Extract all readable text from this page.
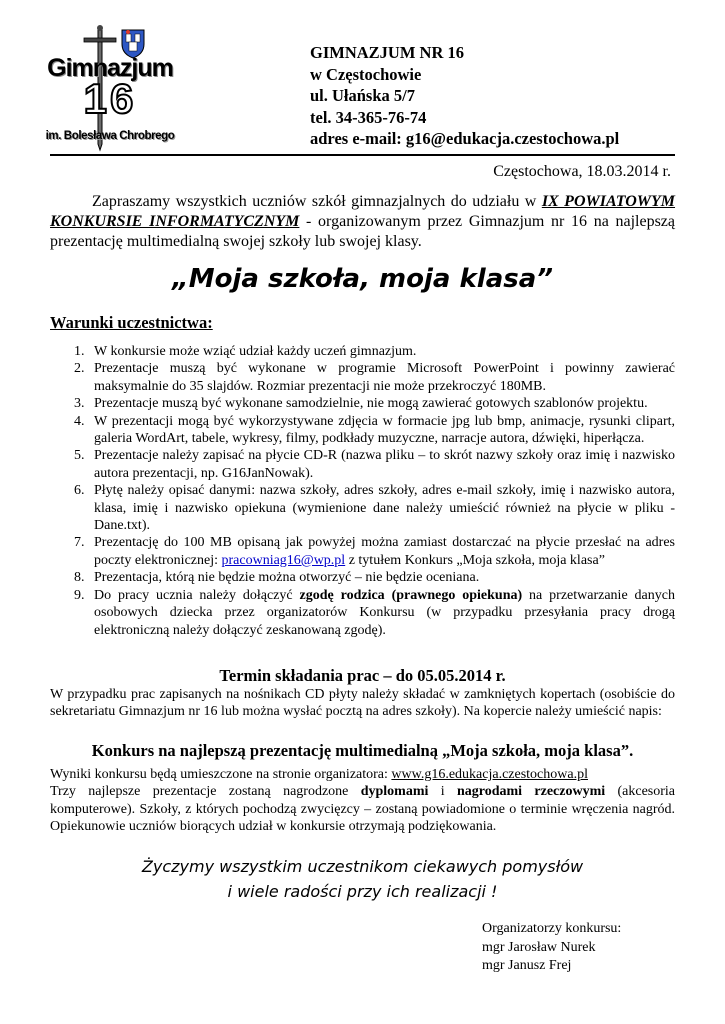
Gimnazjum
16
im. Bolesława Chrobrego
GIMNAZJUM NR 16
w Częstochowie
ul. Ułańska 5/7
tel. 34-365-76-74
adres e-mail: g16@edukacja.czestochowa.pl
Częstochowa, 18.03.2014 r.
Zapraszamy wszystkich uczniów szkół gimnazjalnych do udziału w IX POWIATOWYM KONKURSIE INFORMATYCZNYM - organizowanym przez Gimnazjum nr 16 na najlepszą prezentację multimedialną swojej szkoły lub swojej klasy.
„Moja szkoła, moja klasa”
Warunki uczestnictwa:
1. W konkursie może wziąć udział każdy uczeń gimnazjum.
2. Prezentacje muszą być wykonane w programie Microsoft PowerPoint i powinny zawierać maksymalnie do 35 slajdów. Rozmiar prezentacji nie może przekroczyć 180MB.
3. Prezentacje muszą być wykonane samodzielnie, nie mogą zawierać gotowych szablonów projektu.
4. W prezentacji mogą być wykorzystywane zdjęcia w formacie jpg lub bmp, animacje, rysunki clipart, galeria WordArt, tabele, wykresy, filmy, podkłady muzyczne, narracje autora, dźwięki, hiperłącza.
5. Prezentacje należy zapisać na płycie CD-R (nazwa pliku – to skrót nazwy szkoły oraz imię i nazwisko autora prezentacji, np. G16JanNowak).
6. Płytę należy opisać danymi: nazwa szkoły, adres szkoły, adres e-mail szkoły, imię i nazwisko autora, klasa, imię i nazwisko opiekuna (wymienione dane należy umieścić również na płycie w pliku - Dane.txt).
7. Prezentację do 100 MB opisaną jak powyżej można zamiast dostarczać na płycie przesłać na adres poczty elektronicznej: pracowniag16@wp.pl z tytułem Konkurs „Moja szkoła, moja klasa”
8. Prezentacja, którą nie będzie można otworzyć – nie będzie oceniana.
9. Do pracy ucznia należy dołączyć zgodę rodzica (prawnego opiekuna) na przetwarzanie danych osobowych dziecka przez organizatorów Konkursu (w przypadku przesyłania pracy drogą elektroniczną należy dołączyć zeskanowaną zgodę).
Termin składania prac – do 05.05.2014 r.
W przypadku prac zapisanych na nośnikach CD płyty należy składać w zamkniętych kopertach (osobiście do sekretariatu Gimnazjum nr 16 lub można wysłać pocztą na adres szkoły). Na kopercie należy umieścić napis:
Konkurs na najlepszą prezentację multimedialną „Moja szkoła, moja klasa”.
Wyniki konkursu będą umieszczone na stronie organizatora: www.g16.edukacja.czestochowa.pl
Trzy najlepsze prezentacje zostaną nagrodzone dyplomami i nagrodami rzeczowymi (akcesoria komputerowe). Szkoły, z których pochodzą zwycięzcy – zostaną powiadomione o terminie wręczenia nagród. Opiekunowie uczniów biorących udział w konkursie otrzymają podziękowania.
Życzymy wszystkim uczestnikom ciekawych pomysłów
i wiele radości przy ich realizacji !
Organizatorzy konkursu:
mgr Jarosław Nurek
mgr Janusz Frej
